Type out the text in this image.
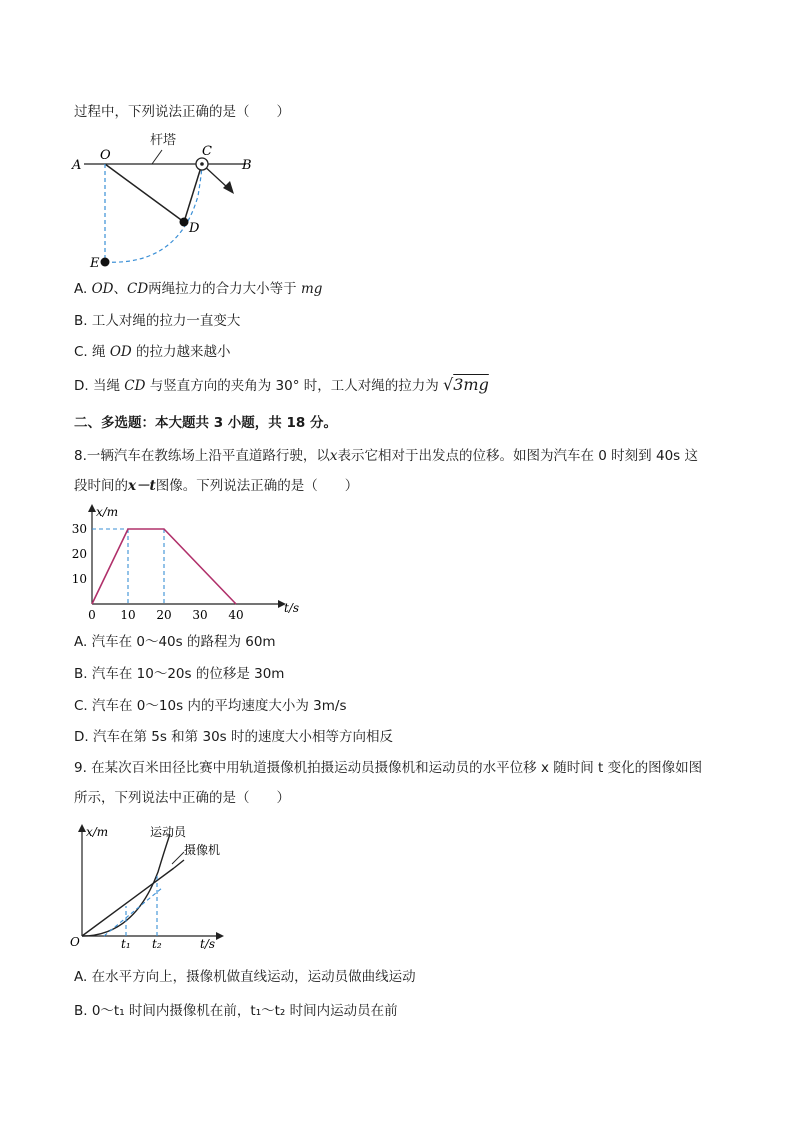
过程中，下列说法正确的是（　　）
杆塔
A
O	C
B
D
E
A. OD、CD两绳拉力的合力大小等于 mg
B. 工人对绳的拉力一直变大
C. 绳 OD 的拉力越来越小
D. 当绳 CD 与竖直方向的夹角为 30° 时，工人对绳的拉力为 √3mg
二、多选题：本大题共 3 小题，共 18 分。
8.一辆汽车在教练场上沿平直道路行驶，以x表示它相对于出发点的位移。如图为汽车在 0 时刻到 40s 这
段时间的x－t图像。下列说法正确的是（　　）
x/m
t/s
10
20
30
0 10 20 30 40
A. 汽车在 0～40s 的路程为 60m
B. 汽车在 10～20s 的位移是 30m
C. 汽车在 0～10s 内的平均速度大小为 3m/s
D. 汽车在第 5s 和第 30s 时的速度大小相等方向相反
9. 在某次百米田径比赛中用轨道摄像机拍摄运动员摄像机和运动员的水平位移 x 随时间 t 变化的图像如图
所示，下列说法中正确的是（　　）
x/m
t/s
O	t₁ t₂
运动员
摄像机
A. 在水平方向上，摄像机做直线运动，运动员做曲线运动
B. 0～t₁ 时间内摄像机在前，t₁～t₂ 时间内运动员在前
